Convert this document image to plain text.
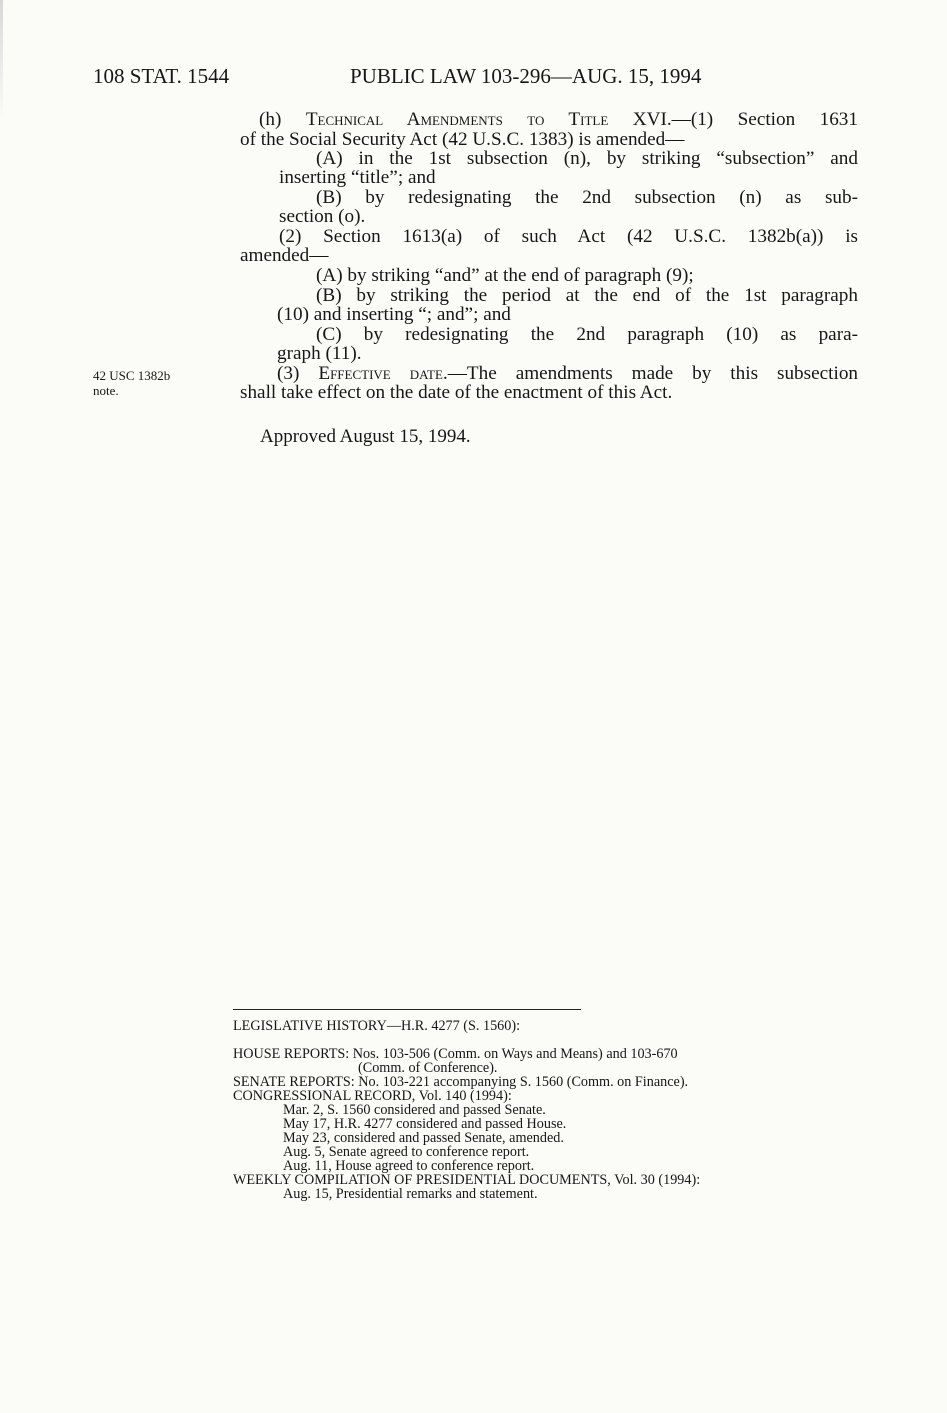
108 STAT. 1544	PUBLIC LAW 103-296—AUG. 15, 1994
(h) Technical Amendments to Title XVI.—(1) Section 1631
of the Social Security Act (42 U.S.C. 1383) is amended—
(A) in the 1st subsection (n), by striking “subsection” and
inserting “title”; and
(B) by redesignating the 2nd subsection (n) as sub-
section (o).
(2) Section 1613(a) of such Act (42 U.S.C. 1382b(a)) is
amended—
(A) by striking “and” at the end of paragraph (9);
(B) by striking the period at the end of the 1st paragraph
(10) and inserting “; and”; and
(C) by redesignating the 2nd paragraph (10) as para-
graph (11).
(3) Effective date.—The amendments made by this subsection
shall take effect on the date of the enactment of this Act.
42 USC 1382b
note.
Approved August 15, 1994.
LEGISLATIVE HISTORY—H.R. 4277 (S. 1560):
HOUSE REPORTS: Nos. 103-506 (Comm. on Ways and Means) and 103-670
(Comm. of Conference).
SENATE REPORTS: No. 103-221 accompanying S. 1560 (Comm. on Finance).
CONGRESSIONAL RECORD, Vol. 140 (1994):
Mar. 2, S. 1560 considered and passed Senate.
May 17, H.R. 4277 considered and passed House.
May 23, considered and passed Senate, amended.
Aug. 5, Senate agreed to conference report.
Aug. 11, House agreed to conference report.
WEEKLY COMPILATION OF PRESIDENTIAL DOCUMENTS, Vol. 30 (1994):
Aug. 15, Presidential remarks and statement.
